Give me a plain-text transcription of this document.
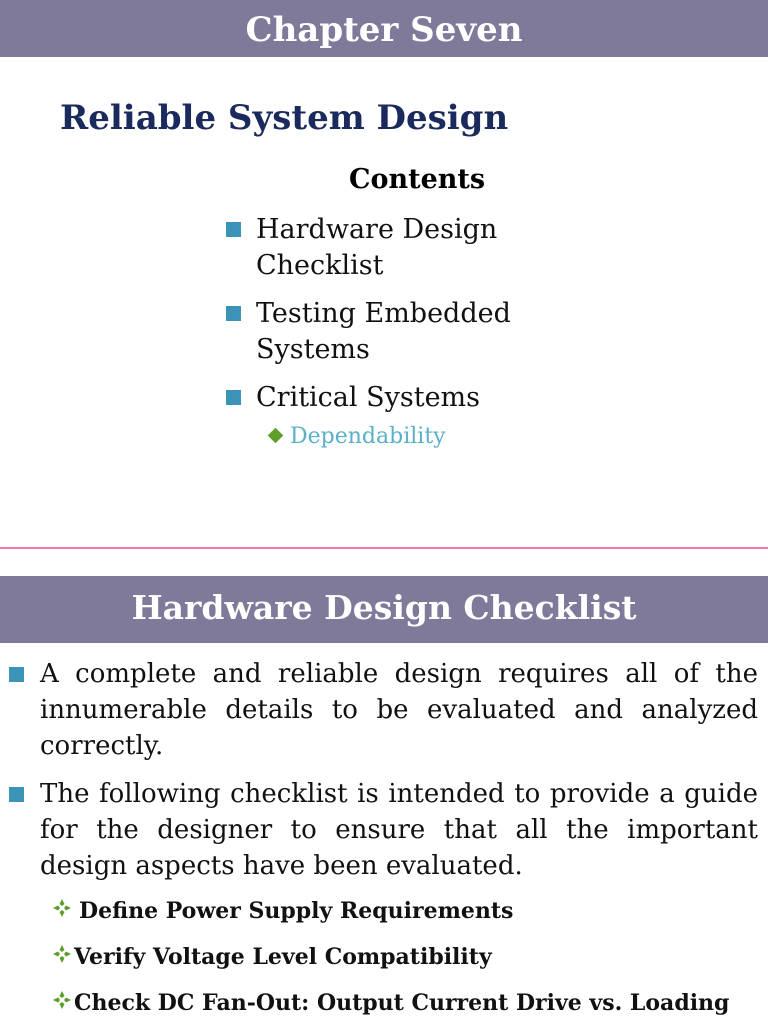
Chapter Seven
Reliable System Design
Contents
Hardware Design Checklist
Testing Embedded Systems
Critical Systems
Dependability
Hardware Design Checklist
A complete and reliable design requires all of the innumerable details to be evaluated and analyzed correctly.
The following checklist is intended to provide a guide for the designer to ensure that all the important design aspects have been evaluated.
Define Power Supply Requirements
Verify Voltage Level Compatibility
Check DC Fan-Out: Output Current Drive vs. Loading
